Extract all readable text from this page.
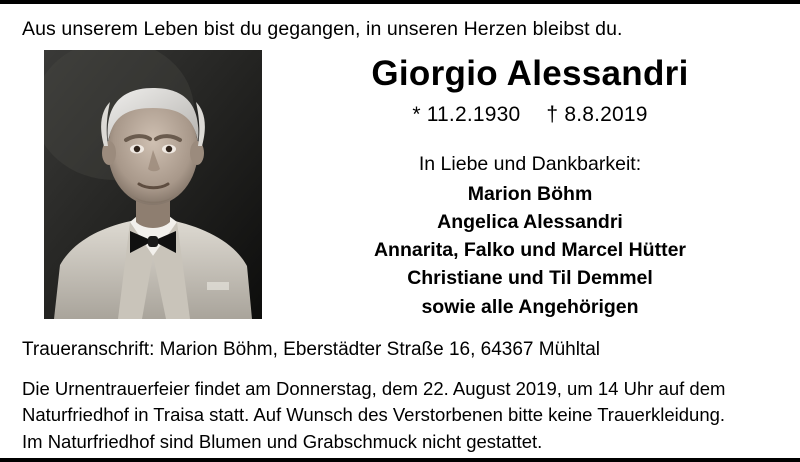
Aus unserem Leben bist du gegangen, in unseren Herzen bleibst du.
Giorgio Alessandri
* 11.2.1930 † 8.8.2019
In Liebe und Dankbarkeit:
Marion Böhm
Angelica Alessandri
Annarita, Falko und Marcel Hütter
Christiane und Til Demmel
sowie alle Angehörigen
Traueranschrift: Marion Böhm, Eberstädter Straße 16, 64367 Mühltal
Die Urnentrauerfeier findet am Donnerstag, dem 22. August 2019, um 14 Uhr auf dem
Naturfriedhof in Traisa statt. Auf Wunsch des Verstorbenen bitte keine Trauerkleidung.
Im Naturfriedhof sind Blumen und Grabschmuck nicht gestattet.
